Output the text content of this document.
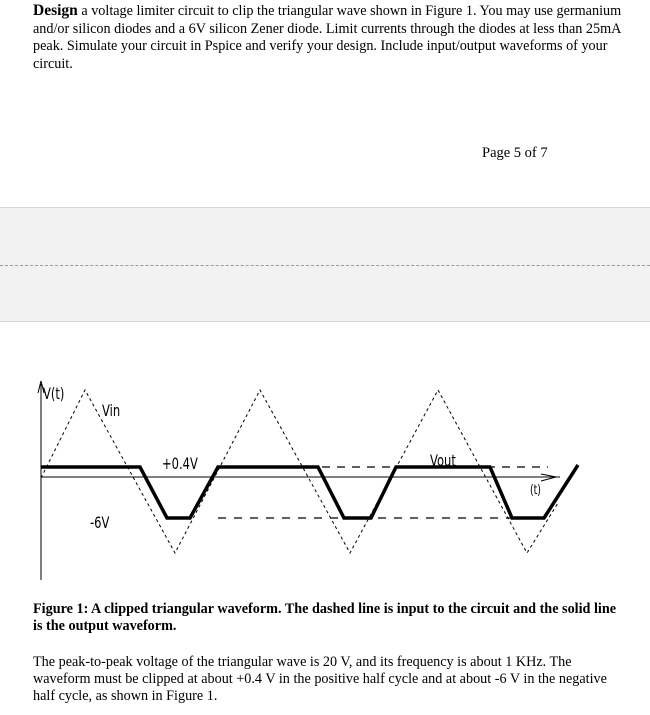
Design a voltage limiter circuit to clip the triangular wave shown in Figure 1. You may use germanium and/or silicon diodes and a 6V silicon Zener diode. Limit currents through the diodes at less than 25mA peak. Simulate your circuit in Pspice and verify your design. Include input/output waveforms of your circuit.
Page 5 of 7
V(t)
Vin
+0.4V	Vout
(t)
-6V
Figure 1: A clipped triangular waveform. The dashed line is input to the circuit and the solid line is the output waveform.
The peak-to-peak voltage of the triangular wave is 20 V, and its frequency is about 1 KHz. The waveform must be clipped at about +0.4 V in the positive half cycle and at about -6 V in the negative half cycle, as shown in Figure 1.
